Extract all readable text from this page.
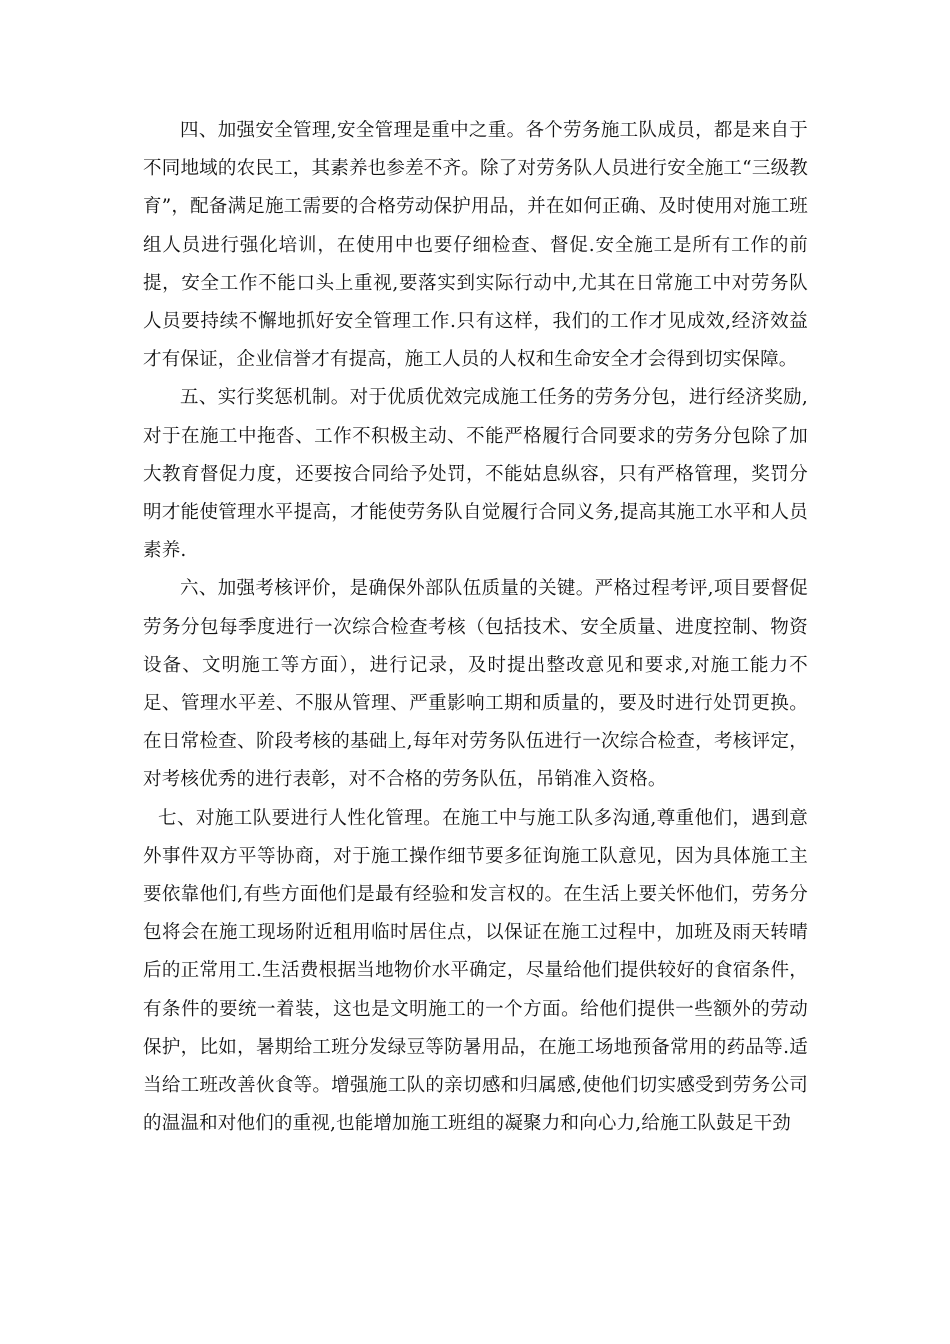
四、加强安全管理,安全管理是重中之重。各个劳务施工队成员，都是来自于不同地域的农民工，其素养也参差不齐。除了对劳务队人员进行安全施工“三级教育”，配备满足施工需要的合格劳动保护用品，并在如何正确、及时使用对施工班组人员进行强化培训，在使用中也要仔细检查、督促.安全施工是所有工作的前提，安全工作不能口头上重视,要落实到实际行动中,尤其在日常施工中对劳务队人员要持续不懈地抓好安全管理工作.只有这样，我们的工作才见成效,经济效益才有保证，企业信誉才有提高，施工人员的人权和生命安全才会得到切实保障。

五、实行奖惩机制。对于优质优效完成施工任务的劳务分包，进行经济奖励,对于在施工中拖沓、工作不积极主动、不能严格履行合同要求的劳务分包除了加大教育督促力度，还要按合同给予处罚，不能姑息纵容，只有严格管理，奖罚分明才能使管理水平提高，才能使劳务队自觉履行合同义务,提高其施工水平和人员素养.

六、加强考核评价，是确保外部队伍质量的关键。严格过程考评,项目要督促劳务分包每季度进行一次综合检查考核（包括技术、安全质量、进度控制、物资设备、文明施工等方面），进行记录，及时提出整改意见和要求,对施工能力不足、管理水平差、不服从管理、严重影响工期和质量的，要及时进行处罚更换。在日常检查、阶段考核的基础上,每年对劳务队伍进行一次综合检查，考核评定，对考核优秀的进行表彰，对不合格的劳务队伍，吊销准入资格。

七、对施工队要进行人性化管理。在施工中与施工队多沟通,尊重他们，遇到意外事件双方平等协商，对于施工操作细节要多征询施工队意见，因为具体施工主要依靠他们,有些方面他们是最有经验和发言权的。在生活上要关怀他们，劳务分包将会在施工现场附近租用临时居住点，以保证在施工过程中，加班及雨天转晴后的正常用工.生活费根据当地物价水平确定，尽量给他们提供较好的食宿条件，有条件的要统一着装，这也是文明施工的一个方面。给他们提供一些额外的劳动保护，比如，暑期给工班分发绿豆等防暑用品，在施工场地预备常用的药品等.适当给工班改善伙食等。增强施工队的亲切感和归属感,使他们切实感受到劳务公司的温温和对他们的重视,也能增加施工班组的凝聚力和向心力,给施工队鼓足干劲
